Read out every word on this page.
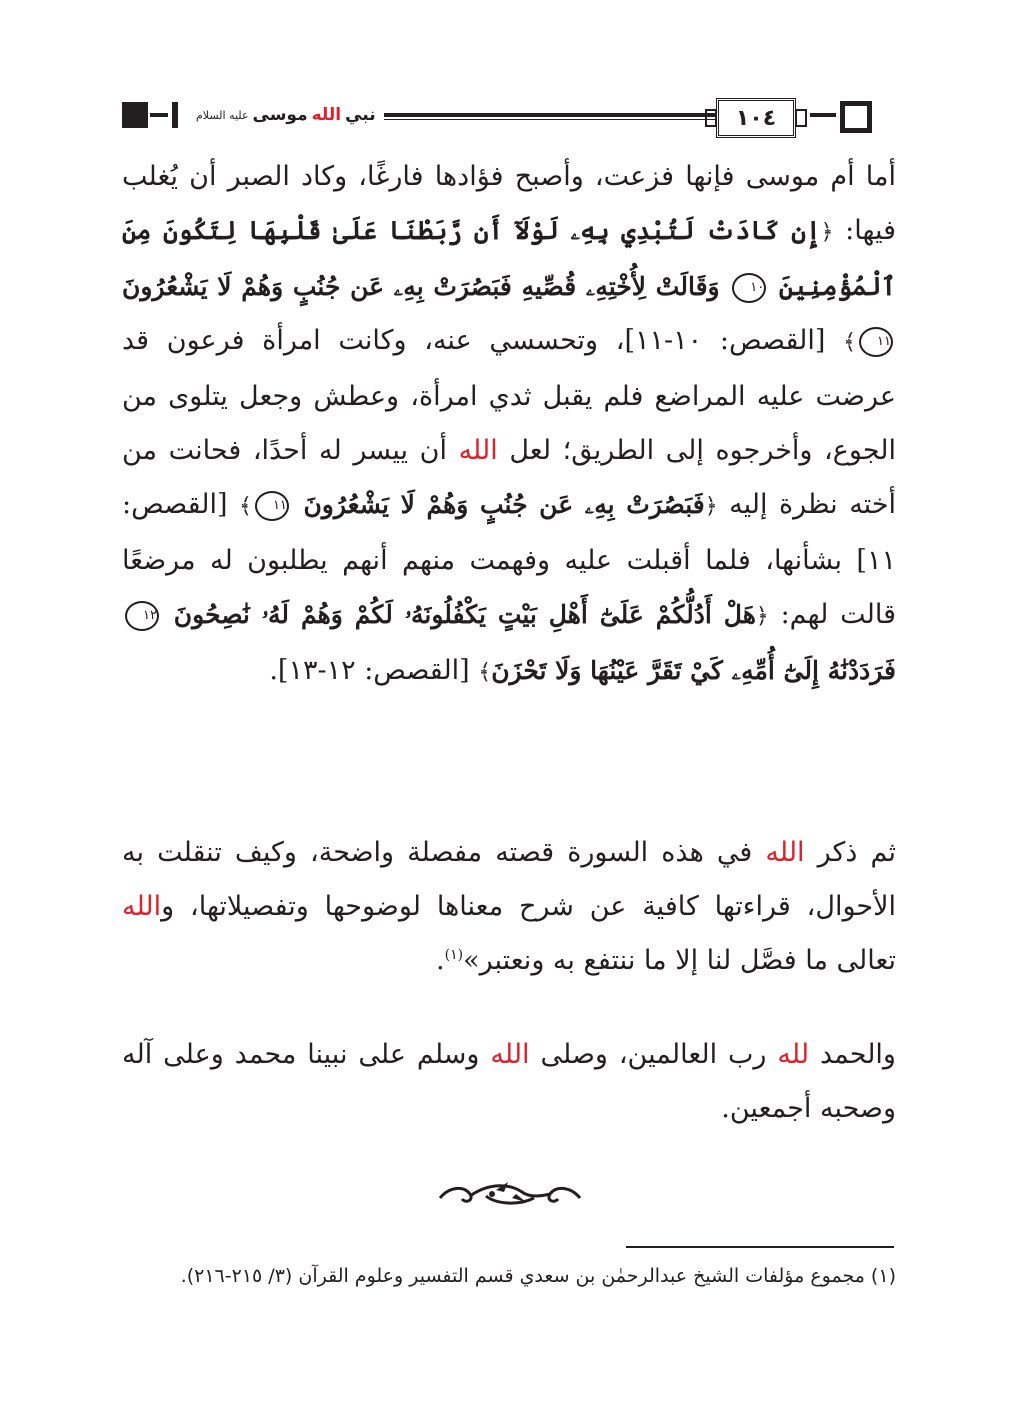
نبي
الله
موسى
عليه السلام	١٠٤
أما أم موسى فإنها فزعت، وأصبح فؤادها فارغًا، وكاد الصبر أن يُغلب فيها: ﴿إِن كَادَتْ لَتُبْدِي بِهِۦ لَوْلَآ أَن رَّبَطْنَا عَلَىٰ قَلْبِهَا لِتَكُونَ مِنَ ٱلْمُؤْمِنِينَ ١٠ وَقَالَتْ لِأُخْتِهِۦ قُصِّيهِ فَبَصُرَتْ بِهِۦ عَن جُنُبٍ وَهُمْ لَا يَشْعُرُونَ ١١﴾ [القصص: ١٠-١١]، وتحسسي عنه، وكانت امرأة فرعون قد عرضت عليه المراضع فلم يقبل ثدي امرأة، وعطش وجعل يتلوى من الجوع، وأخرجوه إلى الطريق؛ لعل الله أن ييسر له أحدًا، فحانت من أخته نظرة إليه ﴿فَبَصُرَتْ بِهِۦ عَن جُنُبٍ وَهُمْ لَا يَشْعُرُونَ ١١﴾ [القصص: ١١] بشأنها، فلما أقبلت عليه وفهمت منهم أنهم يطلبون له مرضعًا قالت لهم: ﴿هَلْ أَدُلُّكُمْ عَلَىٰٓ أَهْلِ بَيْتٍ يَكْفُلُونَهُۥ لَكُمْ وَهُمْ لَهُۥ نَٰصِحُونَ ١٢ فَرَدَدْنَٰهُ إِلَىٰٓ أُمِّهِۦ كَيْ تَقَرَّ عَيْنُهَا وَلَا تَحْزَنَ﴾ [القصص: ١٢-١٣].
ثم ذكر الله في هذه السورة قصته مفصلة واضحة، وكيف تنقلت به الأحوال، قراءتها كافية عن شرح معناها لوضوحها وتفصيلاتها، والله تعالى ما فصَّل لنا إلا ما ننتفع به ونعتبر»$^{(١)}$.
والحمد لله رب العالمين، وصلى الله وسلم على نبينا محمد وعلى آله وصحبه أجمعين.
(١) مجموع مؤلفات الشيخ عبدالرحمٰن بن سعدي قسم التفسير وعلوم القرآن (٣/ ٢١٥-٢١٦).
